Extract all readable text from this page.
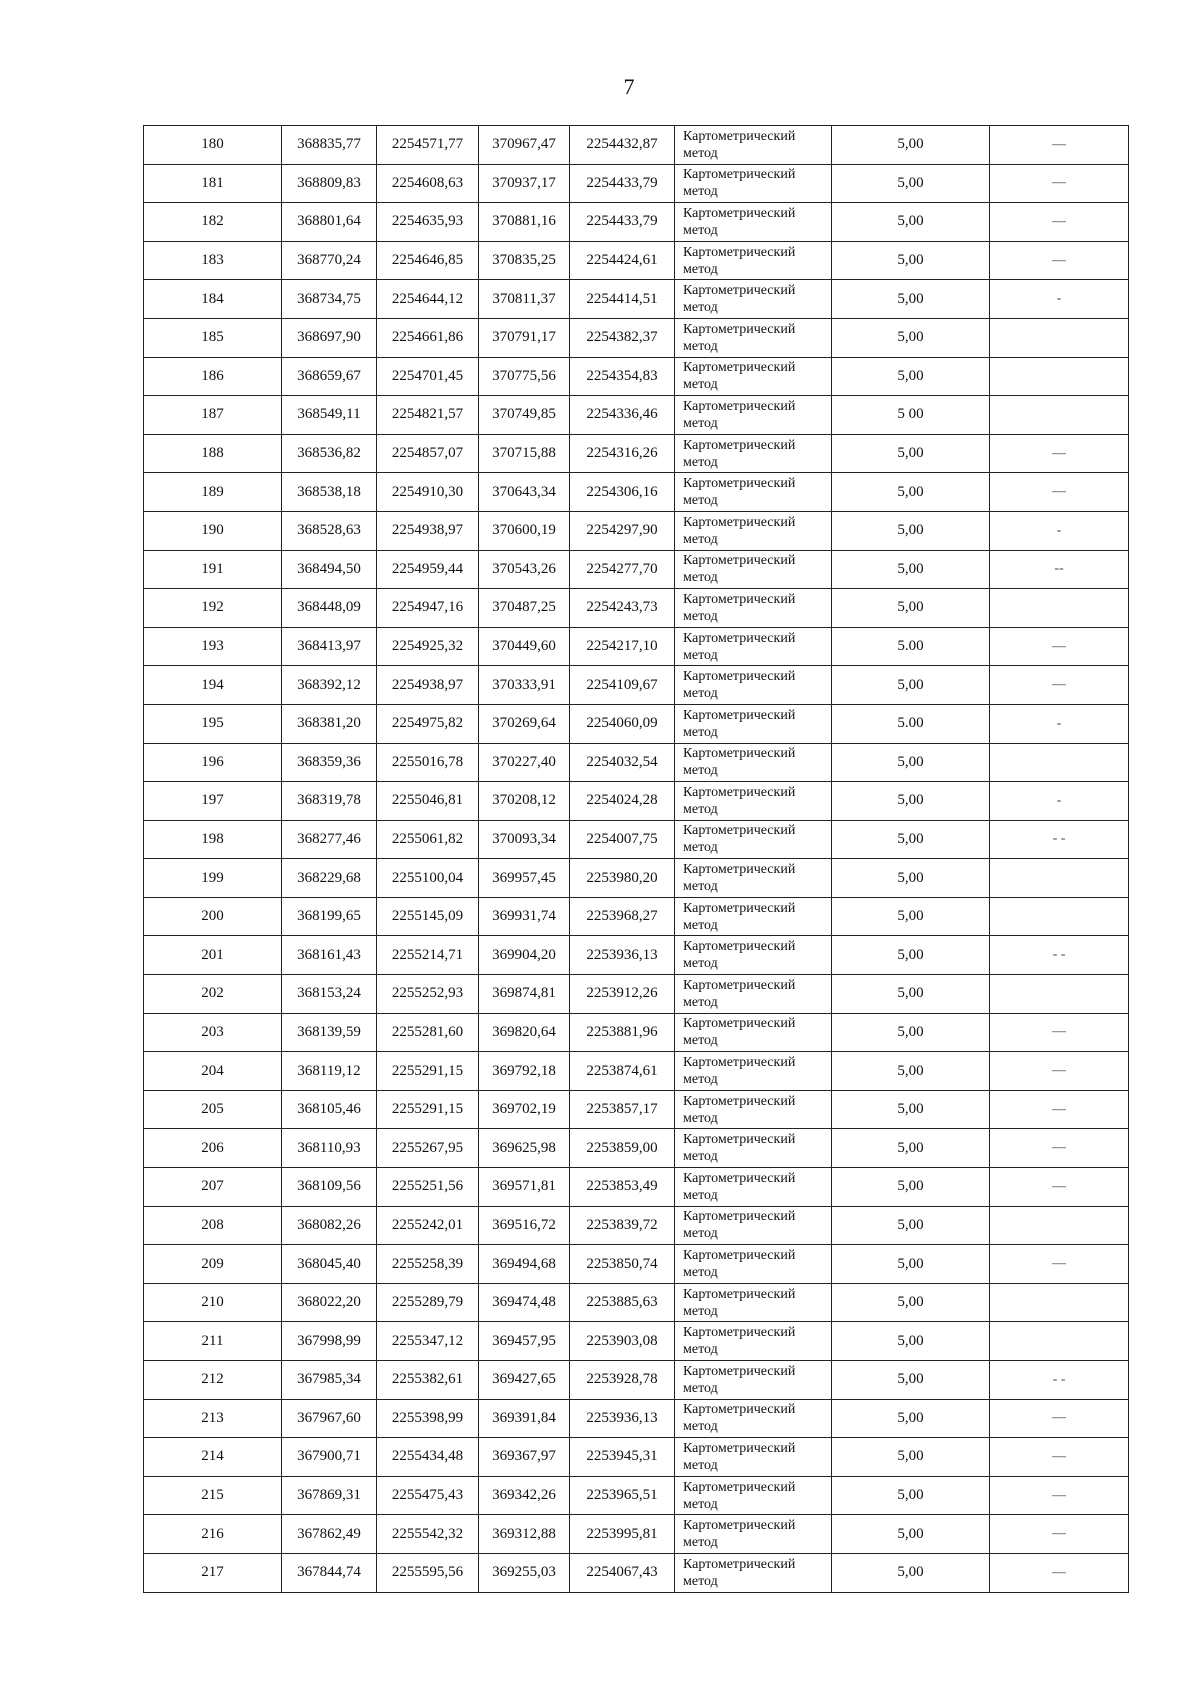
7
180	368835,77	2254571,77	370967,47	2254432,87	Картометрический
метод	5,00	—
181	368809,83	2254608,63	370937,17	2254433,79	Картометрический
метод	5,00	—
182	368801,64	2254635,93	370881,16	2254433,79	Картометрический
метод	5,00	—
183	368770,24	2254646,85	370835,25	2254424,61	Картометрический
метод	5,00	—
184	368734,75	2254644,12	370811,37	2254414,51	Картометрический
метод	5,00	-
185	368697,90	2254661,86	370791,17	2254382,37	Картометрический
метод	5,00	
186	368659,67	2254701,45	370775,56	2254354,83	Картометрический
метод	5,00	
187	368549,11	2254821,57	370749,85	2254336,46	Картометрический
метод	5 00	
188	368536,82	2254857,07	370715,88	2254316,26	Картометрический
метод	5,00	—
189	368538,18	2254910,30	370643,34	2254306,16	Картометрический
метод	5,00	—
190	368528,63	2254938,97	370600,19	2254297,90	Картометрический
метод	5,00	-
191	368494,50	2254959,44	370543,26	2254277,70	Картометрический
метод	5,00	--
192	368448,09	2254947,16	370487,25	2254243,73	Картометрический
метод	5,00	
193	368413,97	2254925,32	370449,60	2254217,10	Картометрический
метод	5.00	—
194	368392,12	2254938,97	370333,91	2254109,67	Картометрический
метод	5,00	—
195	368381,20	2254975,82	370269,64	2254060,09	Картометрический
метод	5.00	-
196	368359,36	2255016,78	370227,40	2254032,54	Картометрический
метод	5,00	
197	368319,78	2255046,81	370208,12	2254024,28	Картометрический
метод	5,00	-
198	368277,46	2255061,82	370093,34	2254007,75	Картометрический
метод	5,00	- -
199	368229,68	2255100,04	369957,45	2253980,20	Картометрический
метод	5,00	
200	368199,65	2255145,09	369931,74	2253968,27	Картометрический
метод	5,00	
201	368161,43	2255214,71	369904,20	2253936,13	Картометрический
метод	5,00	- -
202	368153,24	2255252,93	369874,81	2253912,26	Картометрический
метод	5,00	
203	368139,59	2255281,60	369820,64	2253881,96	Картометрический
метод	5,00	—
204	368119,12	2255291,15	369792,18	2253874,61	Картометрический
метод	5,00	—
205	368105,46	2255291,15	369702,19	2253857,17	Картометрический
метод	5,00	—
206	368110,93	2255267,95	369625,98	2253859,00	Картометрический
метод	5,00	—
207	368109,56	2255251,56	369571,81	2253853,49	Картометрический
метод	5,00	—
208	368082,26	2255242,01	369516,72	2253839,72	Картометрический
метод	5,00	
209	368045,40	2255258,39	369494,68	2253850,74	Картометрический
метод	5,00	—
210	368022,20	2255289,79	369474,48	2253885,63	Картометрический
метод	5,00	
211	367998,99	2255347,12	369457,95	2253903,08	Картометрический
метод	5,00	
212	367985,34	2255382,61	369427,65	2253928,78	Картометрический
метод	5,00	- -
213	367967,60	2255398,99	369391,84	2253936,13	Картометрический
метод	5,00	—
214	367900,71	2255434,48	369367,97	2253945,31	Картометрический
метод	5,00	—
215	367869,31	2255475,43	369342,26	2253965,51	Картометрический
метод	5,00	—
216	367862,49	2255542,32	369312,88	2253995,81	Картометрический
метод	5,00	—
217	367844,74	2255595,56	369255,03	2254067,43	Картометрический
метод	5,00	—
